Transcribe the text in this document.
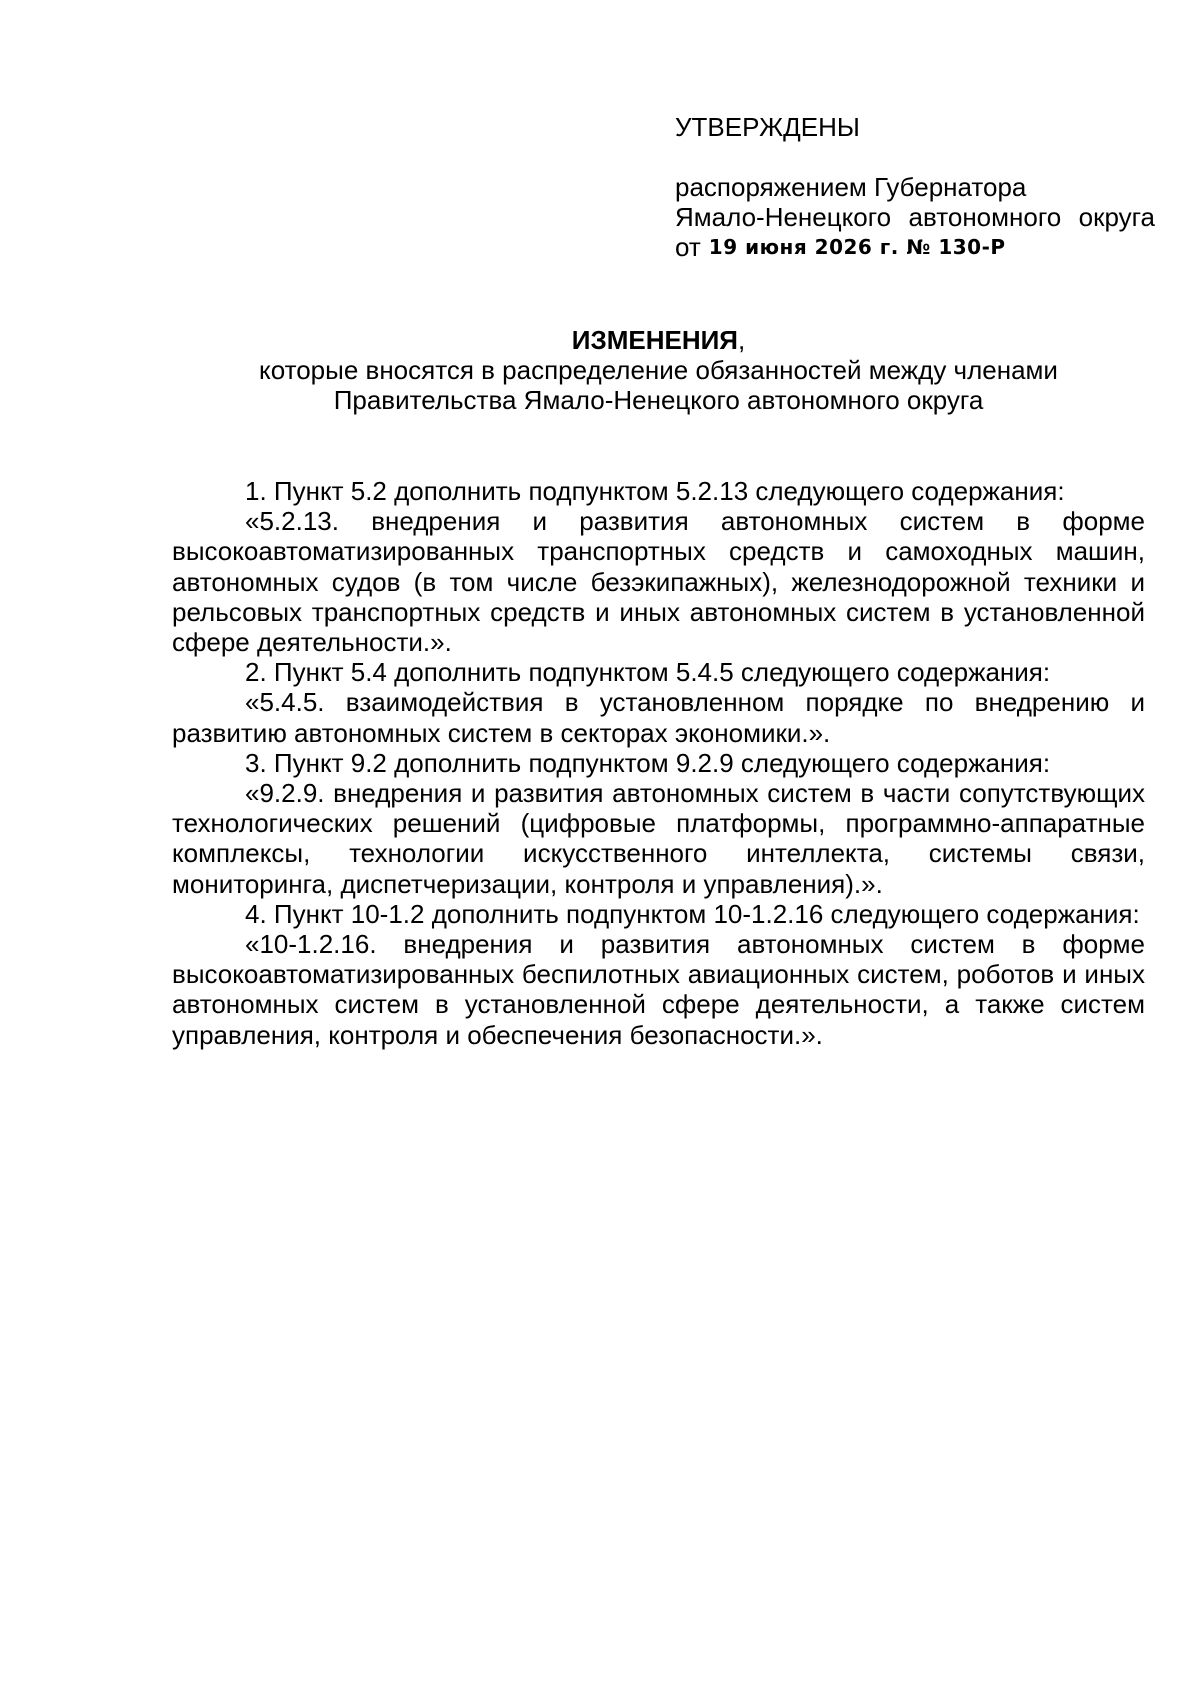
УТВЕРЖДЕНЫ
распоряжением Губернатора
Ямало-Ненецкого автономного округа
от 19 июня 2026 г. № 130-Р
ИЗМЕНЕНИЯ,
которые вносятся в распределение обязанностей между членами
Правительства Ямало-Ненецкого автономного округа

1. Пункт 5.2 дополнить подпунктом 5.2.13 следующего содержания:

«5.2.13. внедрения и развития автономных систем в форме высокоавтоматизированных транспортных средств и самоходных машин, автономных судов (в том числе безэкипажных), железнодорожной техники и рельсовых транспортных средств и иных автономных систем в установленной сфере деятельности.».

2. Пункт 5.4 дополнить подпунктом 5.4.5 следующего содержания:

«5.4.5. взаимодействия в установленном порядке по внедрению и развитию автономных систем в секторах экономики.».

3. Пункт 9.2 дополнить подпунктом 9.2.9 следующего содержания:

«9.2.9. внедрения и развития автономных систем в части сопутствующих технологических решений (цифровые платформы, программно-аппаратные комплексы, технологии искусственного интеллекта, системы связи, мониторинга, диспетчеризации, контроля и управления).».

4. Пункт 10-1.2 дополнить подпунктом 10-1.2.16 следующего содержания:

«10-1.2.16. внедрения и развития автономных систем в форме высокоавтоматизированных беспилотных авиационных систем, роботов и иных автономных систем в установленной сфере деятельности, а также систем управления, контроля и обеспечения безопасности.».
